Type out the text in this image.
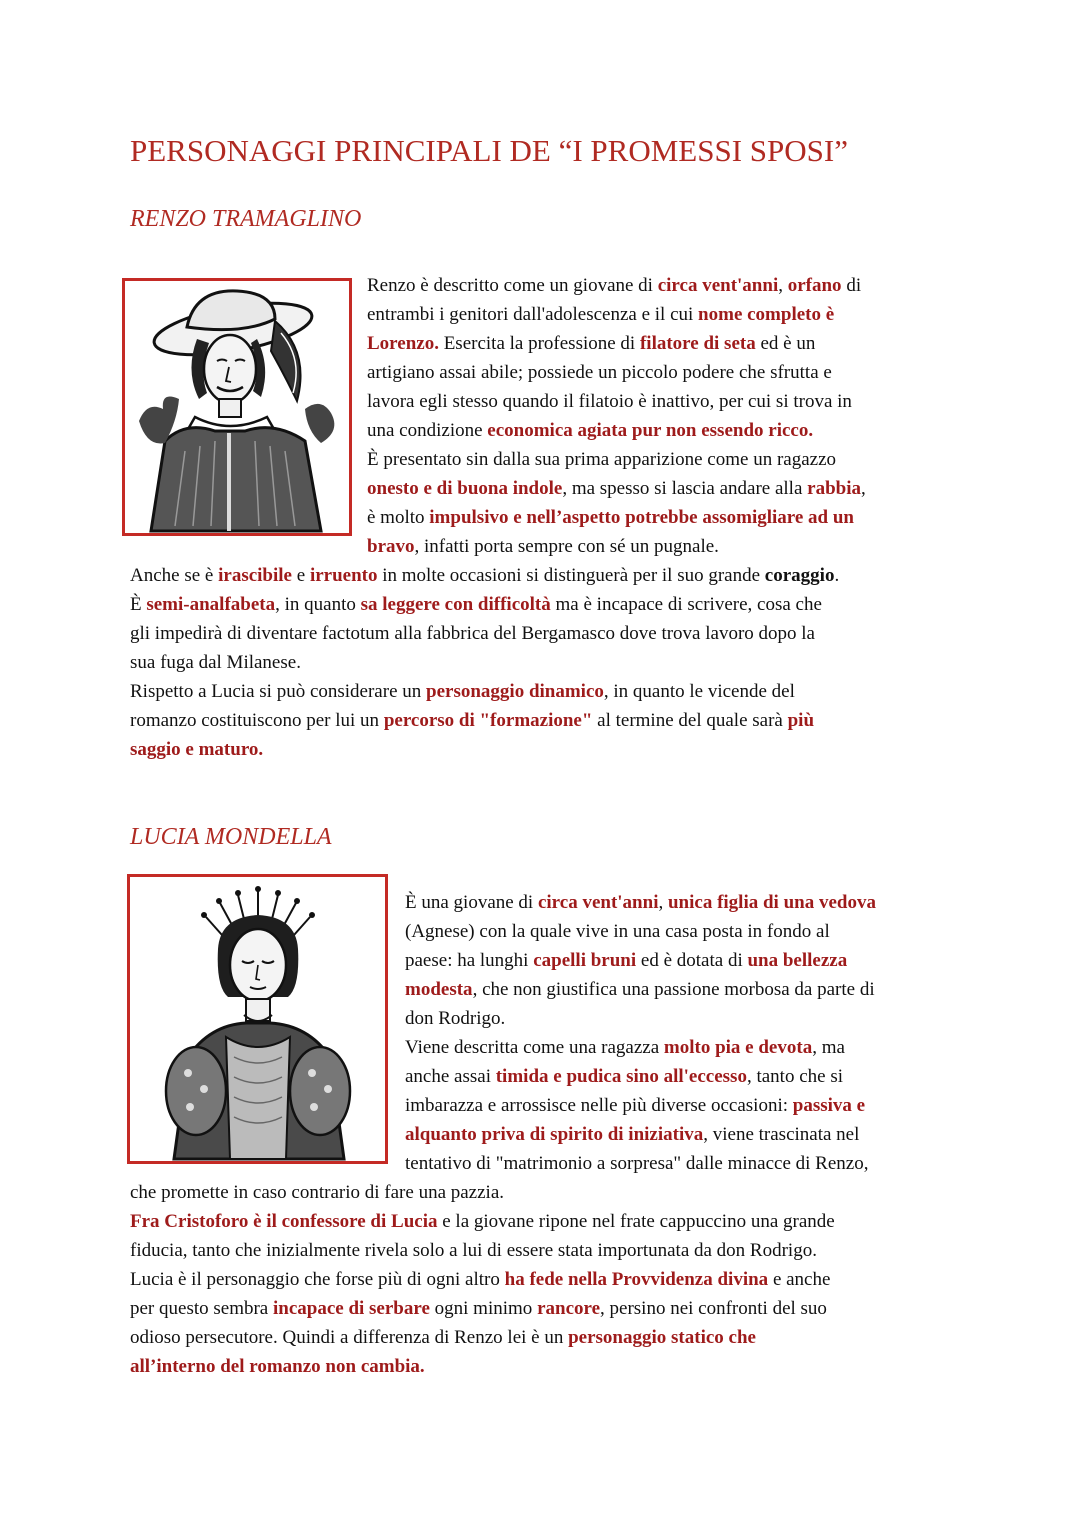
PERSONAGGI PRINCIPALI DE “I PROMESSI SPOSI”
RENZO TRAMAGLINO
LUCIA MONDELLA

Renzo è descritto come un giovane di circa vent'anni, orfano di

entrambi i genitori dall'adolescenza e il cui nome completo è

Lorenzo. Esercita la professione di filatore di seta ed è un

artigiano assai abile; possiede un piccolo podere che sfrutta e

lavora egli stesso quando il filatoio è inattivo, per cui si trova in

una condizione economica agiata pur non essendo ricco.

È presentato sin dalla sua prima apparizione come un ragazzo

onesto e di buona indole, ma spesso si lascia andare alla rabbia,

è molto impulsivo e nell’aspetto potrebbe assomigliare ad un

bravo, infatti porta sempre con sé un pugnale.

Anche se è irascibile e irruento in molte occasioni si distinguerà per il suo grande coraggio.

È semi-analfabeta, in quanto sa leggere con difficoltà ma è incapace di scrivere, cosa che

gli impedirà di diventare factotum alla fabbrica del Bergamasco dove trova lavoro dopo la

sua fuga dal Milanese.

Rispetto a Lucia si può considerare un personaggio dinamico, in quanto le vicende del

romanzo costituiscono per lui un percorso di "formazione" al termine del quale sarà più

saggio e maturo.

È una giovane di circa vent'anni, unica figlia di una vedova

(Agnese) con la quale vive in una casa posta in fondo al

paese: ha lunghi capelli bruni ed è dotata di una bellezza

modesta, che non giustifica una passione morbosa da parte di

don Rodrigo.

Viene descritta come una ragazza molto pia e devota, ma

anche assai timida e pudica sino all'eccesso, tanto che si

imbarazza e arrossisce nelle più diverse occasioni: passiva e

alquanto priva di spirito di iniziativa, viene trascinata nel

tentativo di "matrimonio a sorpresa" dalle minacce di Renzo,

che promette in caso contrario di fare una pazzia.

Fra Cristoforo è il confessore di Lucia e la giovane ripone nel frate cappuccino una grande

fiducia, tanto che inizialmente rivela solo a lui di essere stata importunata da don Rodrigo.

Lucia è il personaggio che forse più di ogni altro ha fede nella Provvidenza divina e anche

per questo sembra incapace di serbare ogni minimo rancore, persino nei confronti del suo

odioso persecutore. Quindi a differenza di Renzo lei è un personaggio statico che

all’interno del romanzo non cambia.
